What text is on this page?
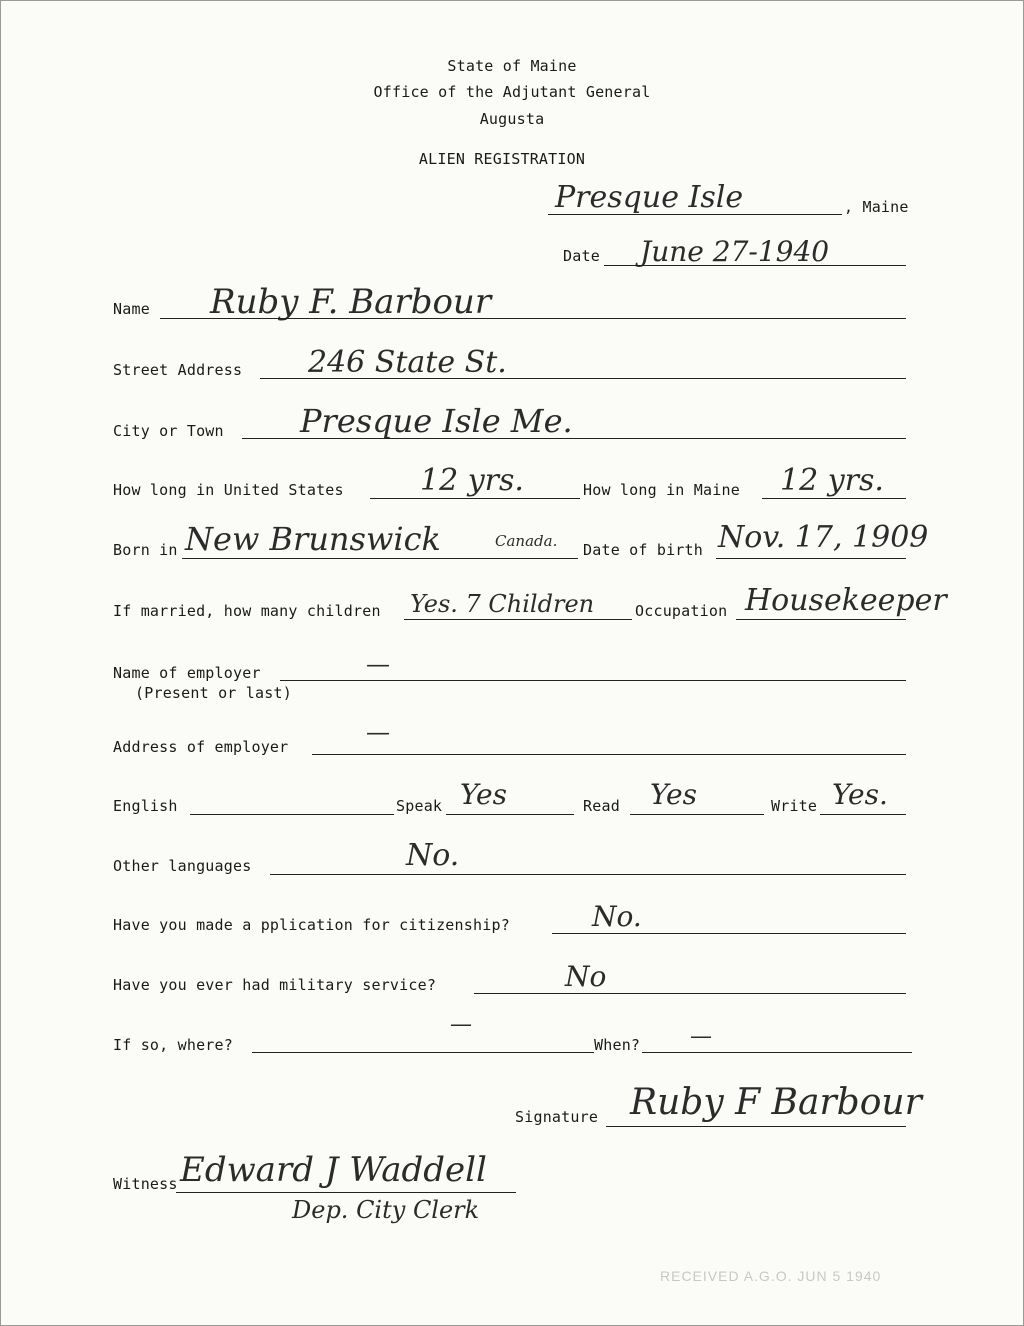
State of Maine
Office of the Adjutant General
Augusta
ALIEN REGISTRATION
Presque Isle	, Maine
Date June 27-1940
Name Ruby F. Barbour
Street Address 246 State St.
City or Town Presque Isle Me.
How long in United States	12 yrs.	How long in Maine 12 yrs.
Born in New Brunswick	Canada. Date of birth Nov. 17, 1909
If married, how many children Yes. 7 Children	Occupation Housekeeper
Name of employer
(Present or last)
—
Address of employer
—
English	Speak Yes	Read Yes	Write Yes.
Other languages	No.
Have you made a pplication for citizenship?	No.
Have you ever had military service?	No
If so, where?
—
When? —
Signature Ruby F Barbour
Witness Edward J Waddell
Dep. City Clerk
RECEIVED A.G.O. JUN 5 1940
